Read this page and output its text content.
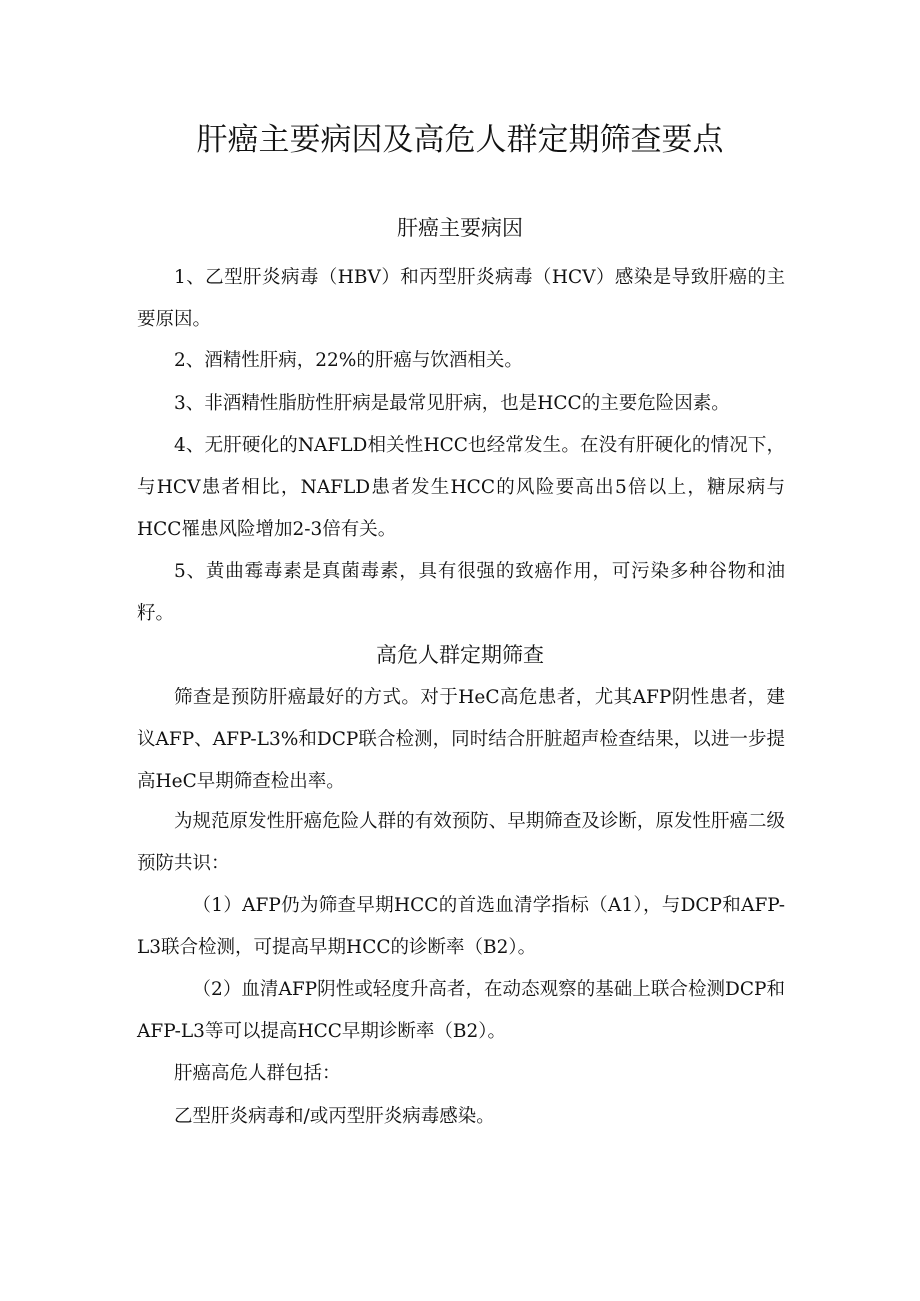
肝癌主要病因及高危人群定期筛查要点
肝癌主要病因

1、乙型肝炎病毒（HBV）和丙型肝炎病毒（HCV）感染是导致肝癌的主要原因。

2、酒精性肝病，22%的肝癌与饮酒相关。

3、非酒精性脂肪性肝病是最常见肝病，也是HCC的主要危险因素。

4、无肝硬化的NAFLD相关性HCC也经常发生。在没有肝硬化的情况下，与HCV患者相比，NAFLD患者发生HCC的风险要高出5倍以上，糖尿病与HCC罹患风险增加2-3倍有关。

5、黄曲霉毒素是真菌毒素，具有很强的致癌作用，可污染多种谷物和油籽。

高危人群定期筛查

筛查是预防肝癌最好的方式。对于HeC高危患者，尤其AFP阴性患者，建议AFP、AFP-L3%和DCP联合检测，同时结合肝脏超声检查结果，以进一步提高HeC早期筛查检出率。

为规范原发性肝癌危险人群的有效预防、早期筛查及诊断，原发性肝癌二级预防共识：

（1）AFP仍为筛查早期HCC的首选血清学指标（A1），与DCP和AFP-L3联合检测，可提高早期HCC的诊断率（B2）。

（2）血清AFP阴性或轻度升高者，在动态观察的基础上联合检测DCP和AFP-L3等可以提高HCC早期诊断率（B2）。

肝癌高危人群包括：

乙型肝炎病毒和/或丙型肝炎病毒感染。
